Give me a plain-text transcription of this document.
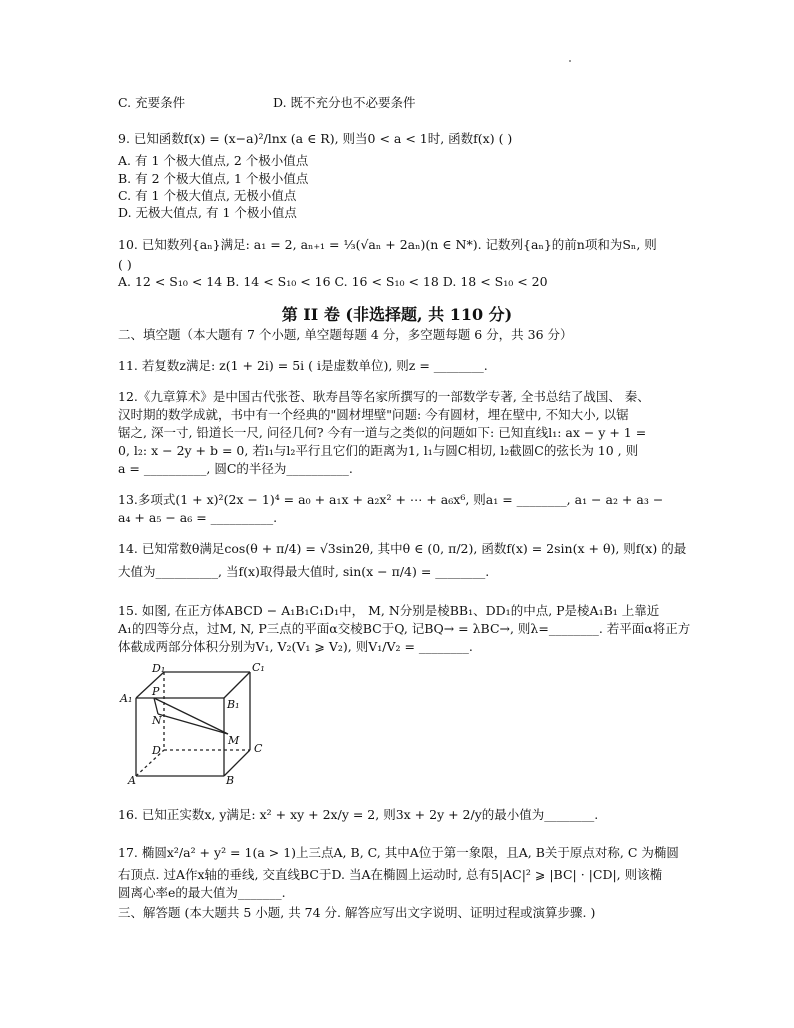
C. 充要条件	D. 既不充分也不必要条件
9. 已知函数f(x) = (x−a)²/lnx (a ∈ R), 则当0 < a < 1时, 函数f(x) ( )
A. 有 1 个极大值点, 2 个极小值点
B. 有 2 个极大值点, 1 个极小值点
C. 有 1 个极大值点, 无极小值点
D. 无极大值点, 有 1 个极小值点
10. 已知数列{aₙ}满足: a₁ = 2, aₙ₊₁ = ⅓(√aₙ + 2aₙ)(n ∈ N*). 记数列{aₙ}的前n项和为Sₙ, 则
( )
A. 12 < S₁₀ < 14 B. 14 < S₁₀ < 16 C. 16 < S₁₀ < 18 D. 18 < S₁₀ < 20
二、填空题（本大题有 7 个小题, 单空题每题 4 分，多空题每题 6 分，共 36 分）
11. 若复数z满足: z(1 + 2i) = 5i ( i是虚数单位), 则z = ________.
12.《九章算术》是中国古代张苍、耿寿昌等名家所撰写的一部数学专著, 全书总结了战国、 秦、
汉时期的数学成就，书中有一个经典的"圆材埋壁"问题: 今有圆材，埋在壁中, 不知大小, 以锯
锯之, 深一寸, 铅道长一尺, 问径几何? 今有一道与之类似的问题如下: 已知直线l₁: ax − y + 1 =
0, l₂: x − 2y + b = 0, 若l₁与l₂平行且它们的距离为1, l₁与圆C相切, l₂截圆C的弦长为 10 , 则
a = __________, 圆C的半径为__________.
13.多项式(1 + x)²(2x − 1)⁴ = a₀ + a₁x + a₂x² + ⋯ + a₆x⁶, 则a₁ = ________, a₁ − a₂ + a₃ −
a₄ + a₅ − a₆ = __________.
14. 已知常数θ满足cos(θ + π/4) = √3sin2θ, 其中θ ∈ (0, π/2), 函数f(x) = 2sin(x + θ), 则f(x) 的最
大值为__________, 当f(x)取得最大值时, sin(x − π/4) = ________.
15. 如图, 在正方体ABCD − A₁B₁C₁D₁中， M, N分别是棱BB₁、DD₁的中点, P是棱A₁B₁ 上靠近
A₁的四等分点，过M, N, P三点的平面α交棱BC于Q, 记BQ→ = λBC→, 则λ=________. 若平面α将正方
体截成两部分体积分别为V₁, V₂(V₁ ⩾ V₂), 则V₁/V₂ = ________.
16. 已知正实数x, y满足: x² + xy + 2x/y = 2, 则3x + 2y + 2/y的最小值为________.
17. 椭圆x²/a² + y² = 1(a > 1)上三点A, B, C, 其中A位于第一象限，且A, B关于原点对称, C 为椭圆
右顶点. 过A作x轴的垂线, 交直线BC于D. 当A在椭圆上运动时, 总有5|AC|² ⩾ |BC| · |CD|, 则该椭
圆离心率e的最大值为_______.
三、解答题 (本大题共 5 小题, 共 74 分. 解答应写出文字说明、证明过程或演算步骤. )
第 II 卷 (非选择题, 共 110 分)
D₁	C₁
A₁
P
B₁
N
M
D	C
A	B
